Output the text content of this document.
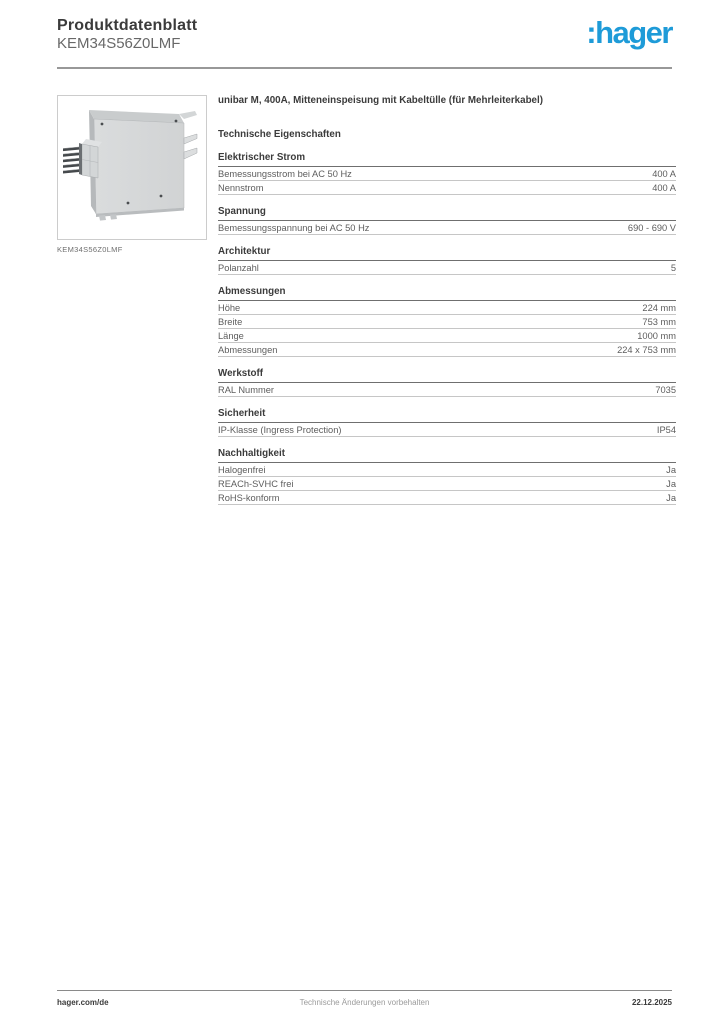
Produktdatenblatt
KEM34S56Z0LMF	:hager
KEM34S56Z0LMF
unibar M, 400A, Mitteneinspeisung mit Kabeltülle (für Mehrleiterkabel)
Technische Eigenschaften
Elektrischer Strom
Bemessungsstrom bei AC 50 Hz	400 A
Nennstrom	400 A
Spannung
Bemessungsspannung bei AC 50 Hz	690 - 690 V
Architektur
Polanzahl	5
Abmessungen
Höhe	224 mm
Breite	753 mm
Länge	1000 mm
Abmessungen	224 x 753 mm
Werkstoff
RAL Nummer	7035
Sicherheit
IP-Klasse (Ingress Protection)	IP54
Nachhaltigkeit
Halogenfrei	Ja
REACh-SVHC frei	Ja
RoHS-konform	Ja
hager.com/de	Technische Änderungen vorbehalten	22.12.2025
